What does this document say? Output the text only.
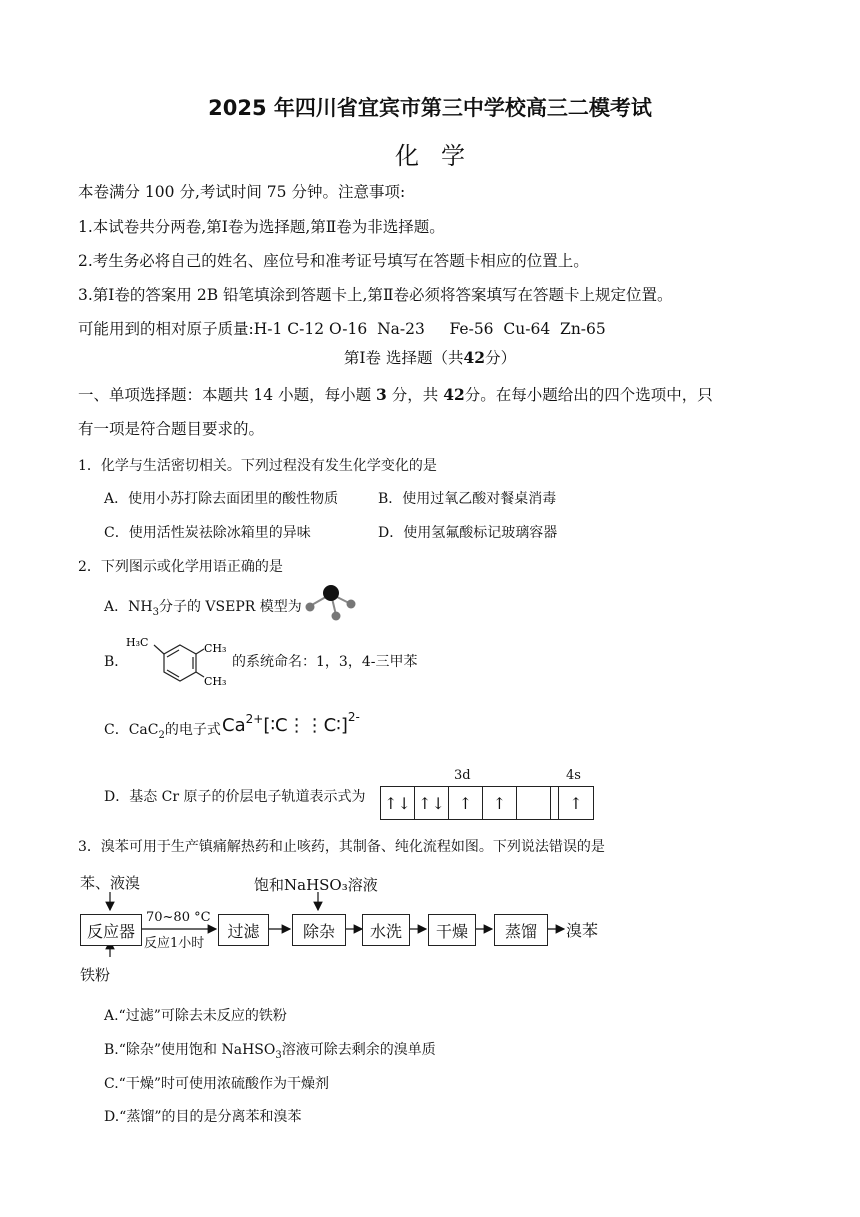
2025 年四川省宜宾市第三中学校高三二模考试
化学
本卷满分 100 分,考试时间 75 分钟。注意事项:
1.本试卷共分两卷,第Ⅰ卷为选择题,第Ⅱ卷为非选择题。
2.考生务必将自己的姓名、座位号和准考证号填写在答题卡相应的位置上。
3.第Ⅰ卷的答案用 2B 铅笔填涂到答题卡上,第Ⅱ卷必须将答案填写在答题卡上规定位置。
可能用到的相对原子质量:H-1 C-12 O-16  Na-23     Fe-56  Cu-64  Zn-65
第Ⅰ卷 选择题（共42分）
一、单项选择题：本题共 14 小题，每小题 3 分，共 42分。在每小题给出的四个选项中，只
有一项是符合题目要求的。
1．化学与生活密切相关。下列过程没有发生化学变化的是
A．使用小苏打除去面团里的酸性物质	B．使用过氧乙酸对餐桌消毒
C．使用活性炭祛除冰箱里的异味	D．使用氢氟酸标记玻璃容器
2．下列图示或化学用语正确的是
A．$NH_3$分子的 VSEPR 模型为
B．
H₃C	CH₃
CH₃
的系统命名：1，3，4-三甲苯
C．CaC$_2$的电子式 $Ca^{2+}[∶C⋮⋮C∶]^{2-}$
D．基态 Cr 原子的价层电子轨道表示式为
3d	4s
↑↓ ↑↓ ↑	↑	↑
3．溴苯可用于生产镇痛解热药和止咳药，其制备、纯化流程如图。下列说法错误的是
苯、液溴
铁粉
饱和NaHSO₃溶液
70~80 °C
反应1小时
反应器	过滤	除杂	水洗	干燥	蒸馏	溴苯
A.“过滤”可除去未反应的铁粉
B.“除杂”使用饱和 NaHSO$_3$溶液可除去剩余的溴单质
C.“干燥”时可使用浓硫酸作为干燥剂
D.“蒸馏”的目的是分离苯和溴苯
